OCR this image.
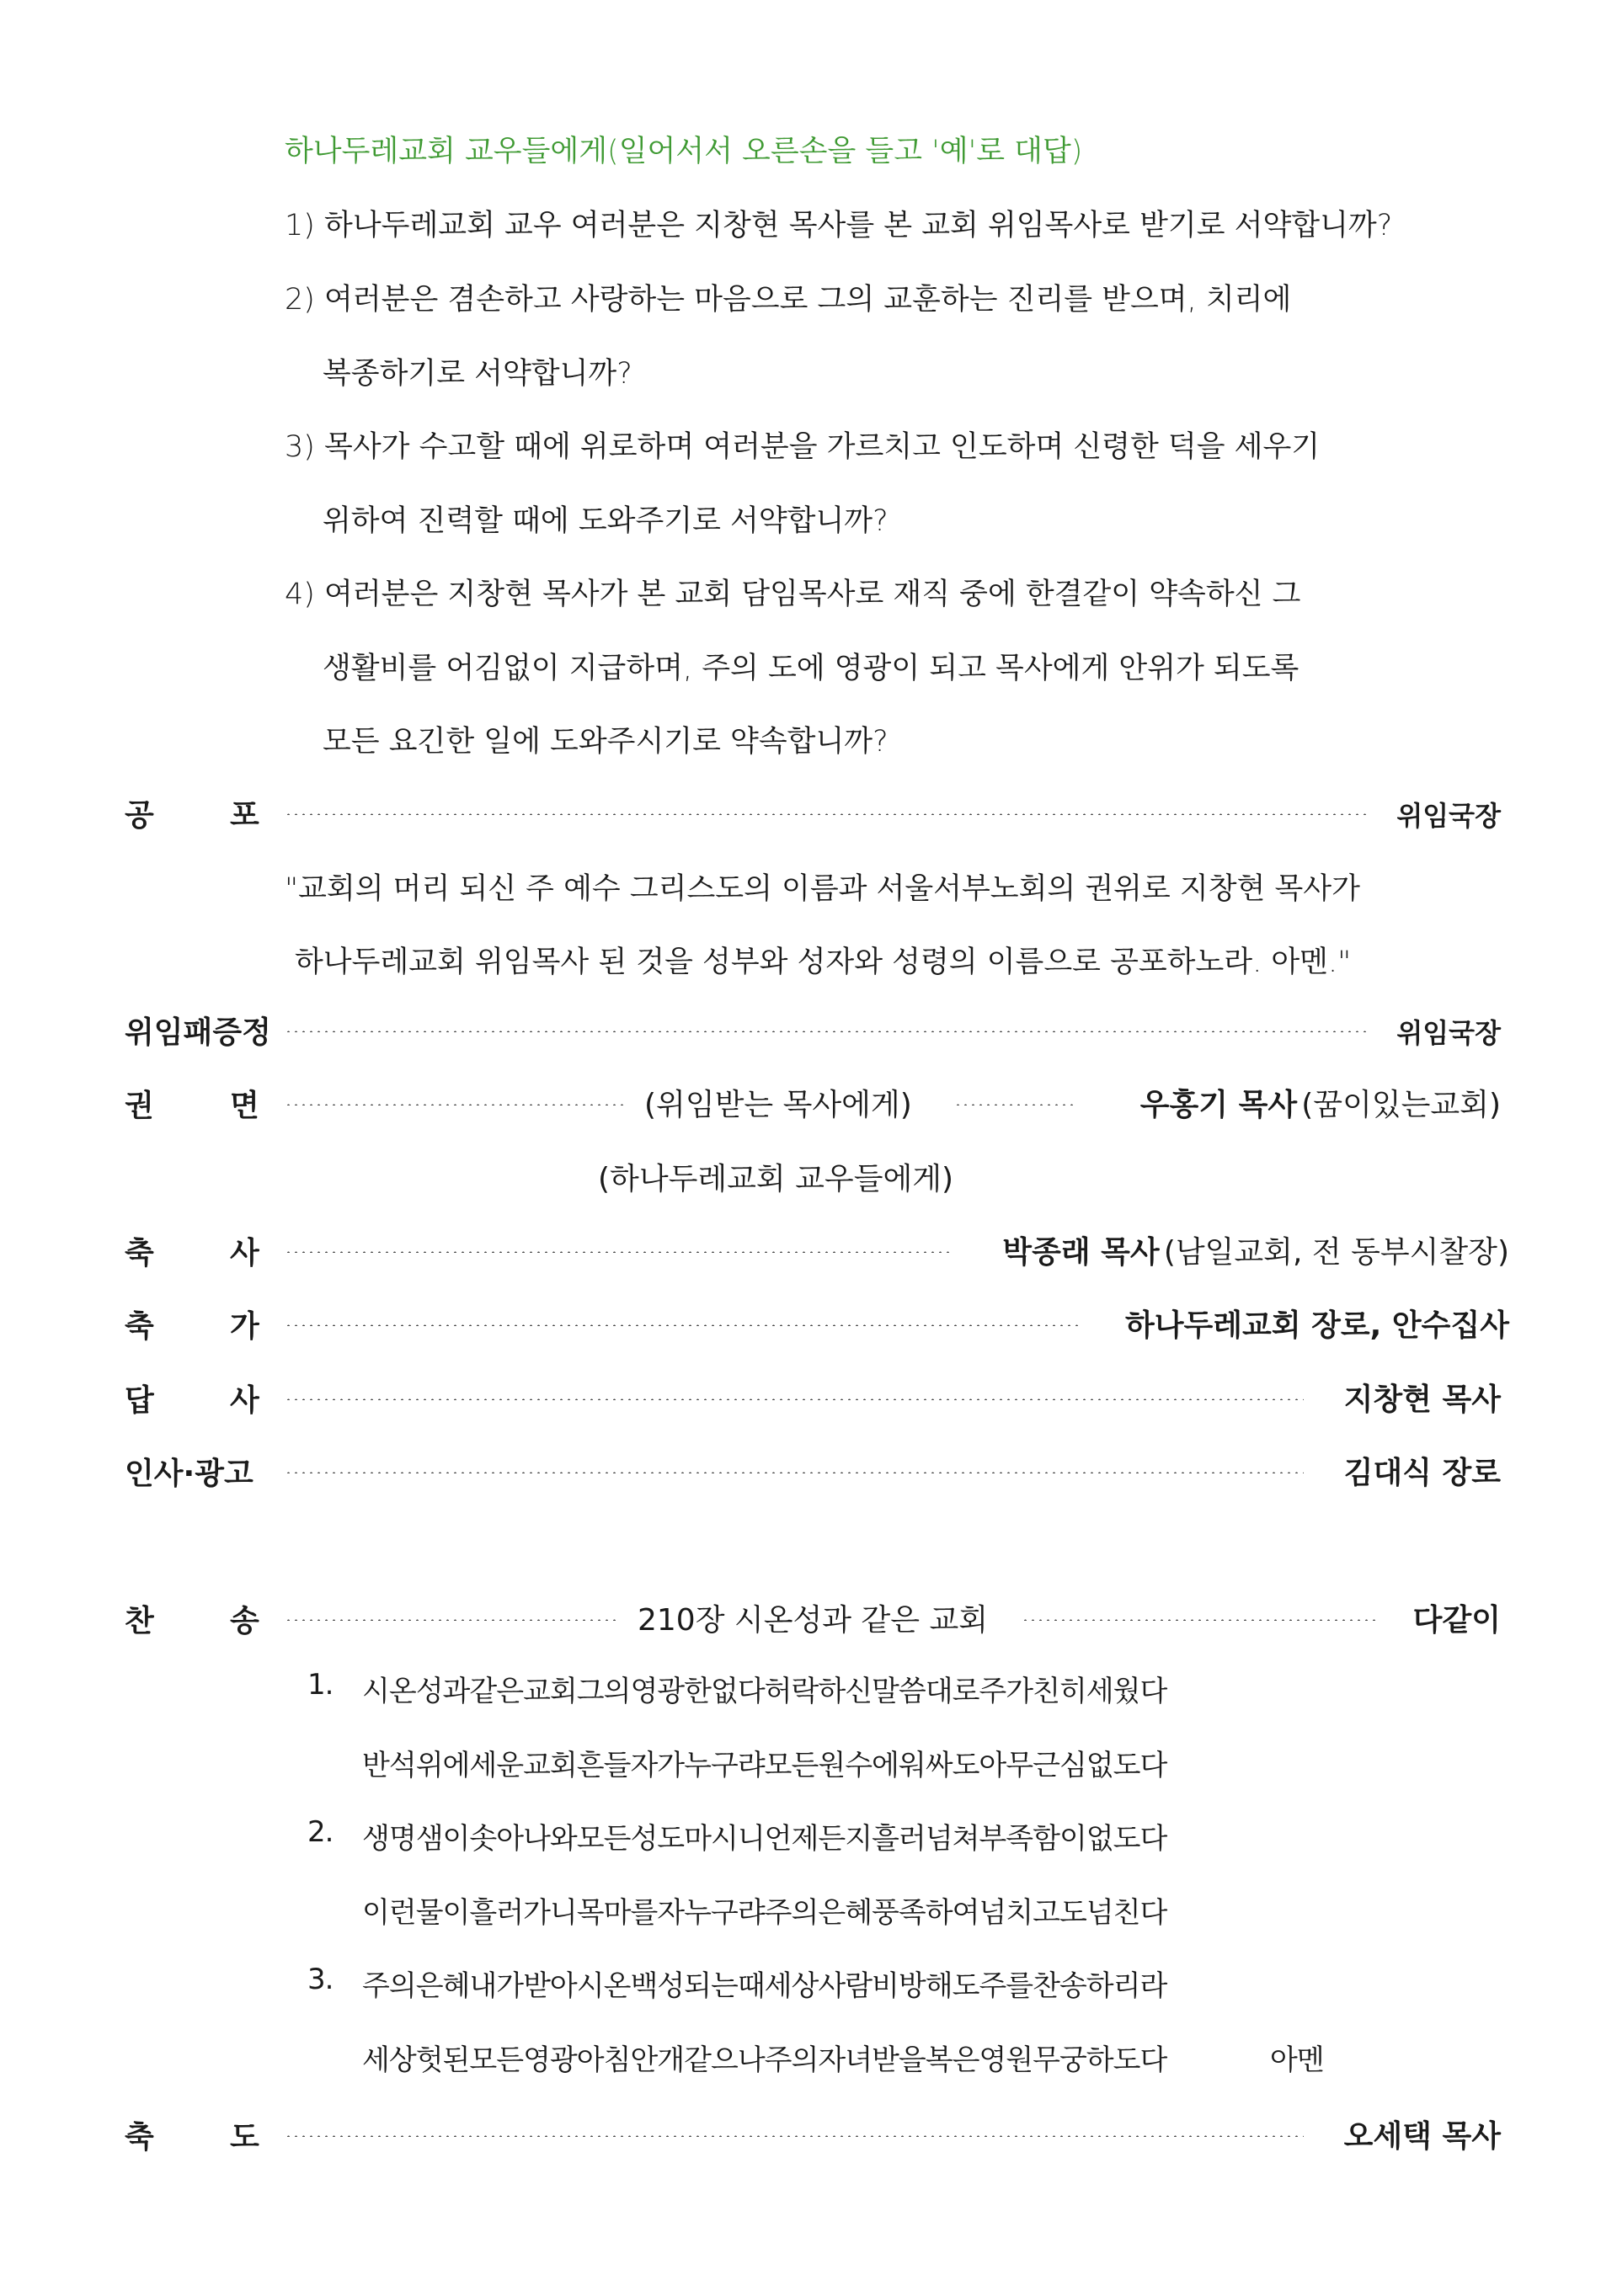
하나두레교회 교우들에게(일어서서 오른손을 들고 '예'로 대답)
1) 하나두레교회 교우 여러분은 지창현 목사를 본 교회 위임목사로 받기로 서약합니까?
2) 여러분은 겸손하고 사랑하는 마음으로 그의 교훈하는 진리를 받으며, 치리에
복종하기로 서약합니까?
3) 목사가 수고할 때에 위로하며 여러분을 가르치고 인도하며 신령한 덕을 세우기
위하여 진력할 때에 도와주기로 서약합니까?
4) 여러분은 지창현 목사가 본 교회 담임목사로 재직 중에 한결같이 약속하신 그
생활비를 어김없이 지급하며, 주의 도에 영광이 되고 목사에게 안위가 되도록
모든 요긴한 일에 도와주시기로 약속합니까?
공	포	위임국장
"교회의 머리 되신 주 예수 그리스도의 이름과 서울서부노회의 권위로 지창현 목사가
하나두레교회 위임목사 된 것을 성부와 성자와 성령의 이름으로 공포하노라. 아멘."
위임패증정	위임국장
권	면	(위임받는 목사에게)	우홍기 목사 (꿈이있는교회)
(하나두레교회 교우들에게)
축	사	박종래 목사 (남일교회, 전 동부시찰장)
축	가	하나두레교회 장로, 안수집사
답	사	지창현 목사
인사·광고	김대식 장로
찬	송	210장 시온성과 같은 교회	다같이
1. 시온성과같은교회그의영광한없다허락하신말씀대로주가친히세웠다
반석위에세운교회흔들자가누구랴모든원수에워싸도아무근심없도다
2. 생명샘이솟아나와모든성도마시니언제든지흘러넘쳐부족함이없도다
이런물이흘러가니목마를자누구랴주의은혜풍족하여넘치고도넘친다
3. 주의은혜내가받아시온백성되는때세상사람비방해도주를찬송하리라
세상헛된모든영광아침안개같으나주의자녀받을복은영원무궁하도다	아멘
축	도	오세택 목사
